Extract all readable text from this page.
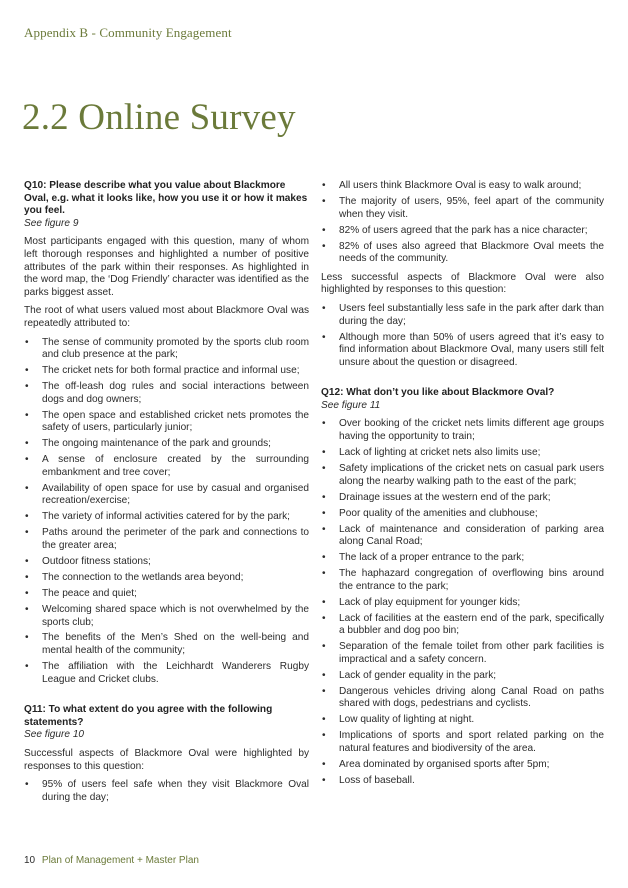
Appendix B - Community Engagement
2.2 Online Survey

Q10: Please describe what you value about Blackmore Oval, e.g. what it looks like, how you use it or how it makes you feel.

See figure 9

Most participants engaged with this question, many of whom left thorough responses and highlighted a number of positive attributes of the park within their responses. As highlighted in the word map, the ‘Dog Friendly’ character was identified as the parks biggest asset.

The root of what users valued most about Blackmore Oval was repeatedly attributed to:

• The sense of community promoted by the sports club room and club presence at the park;
• The cricket nets for both formal practice and informal use;
• The off-leash dog rules and social interactions between dogs and dog owners;
• The open space and established cricket nets promotes the safety of users, particularly junior;
• The ongoing maintenance of the park and grounds;
• A sense of enclosure created by the surrounding embankment and tree cover;
• Availability of open space for use by casual and organised recreation/exercise;
• The variety of informal activities catered for by the park;
• Paths around the perimeter of the park and connections to the greater area;
• Outdoor fitness stations;
• The connection to the wetlands area beyond;
• The peace and quiet;
• Welcoming shared space which is not overwhelmed by the sports club;
• The benefits of the Men’s Shed on the well-being and mental health of the community;
• The affiliation with the Leichhardt Wanderers Rugby League and Cricket clubs.

Q11: To what extent do you agree with the following statements?

See figure 10

Successful aspects of Blackmore Oval were highlighted by responses to this question:

• 95% of users feel safe when they visit Blackmore Oval during the day;
• All users think Blackmore Oval is easy to walk around;
• The majority of users, 95%, feel apart of the community when they visit.
• 82% of users agreed that the park has a nice character;
• 82% of uses also agreed that Blackmore Oval meets the needs of the community.

Less successful aspects of Blackmore Oval were also highlighted by responses to this question:

• Users feel substantially less safe in the park after dark than during the day;
• Although more than 50% of users agreed that it’s easy to find information about Blackmore Oval, many users still felt unsure about the question or disagreed.

Q12: What don’t you like about Blackmore Oval?

See figure 11

• Over booking of the cricket nets limits different age groups having the opportunity to train;
• Lack of lighting at cricket nets also limits use;
• Safety implications of the cricket nets on casual park users along the nearby walking path to the east of the park;
• Drainage issues at the western end of the park;
• Poor quality of the amenities and clubhouse;
• Lack of maintenance and consideration of parking area along Canal Road;
• The lack of a proper entrance to the park;
• The haphazard congregation of overflowing bins around the entrance to the park;
• Lack of play equipment for younger kids;
• Lack of facilities at the eastern end of the park, specifically a bubbler and dog poo bin;
• Separation of the female toilet from other park facilities is impractical and a safety concern.
• Lack of gender equality in the park;
• Dangerous vehicles driving along Canal Road on paths shared with dogs, pedestrians and cyclists.
• Low quality of lighting at night.
• Implications of sports and sport related parking on the natural features and biodiversity of the area.
• Area dominated by organised sports after 5pm;
• Loss of baseball.
10 Plan of Management + Master Plan
